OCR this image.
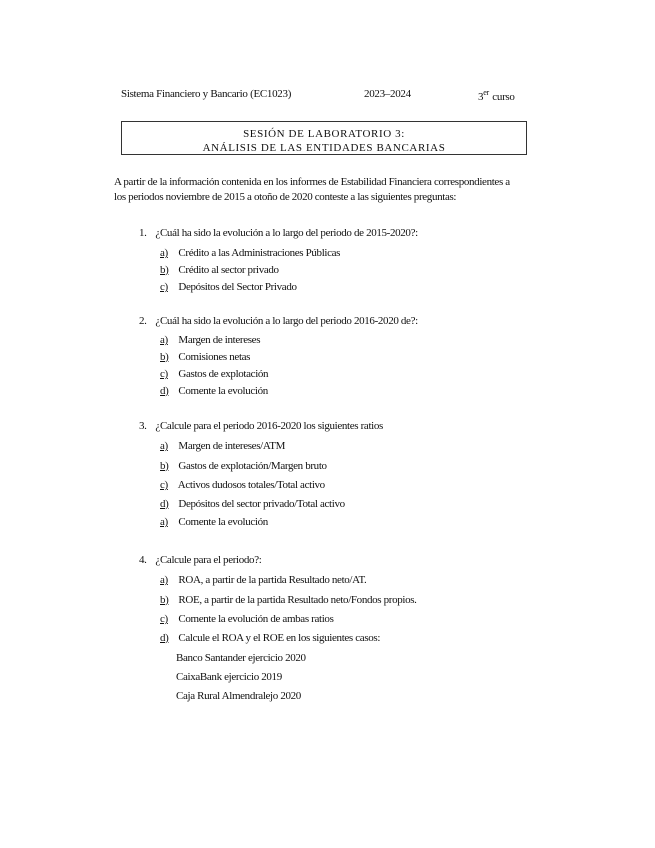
Sistema Financiero y Bancario (EC1023)	2023–2024	3er curso
SESIÓN DE LABORATORIO 3:
ANÁLISIS DE LAS ENTIDADES BANCARIAS
A partir de la información contenida en los informes de Estabilidad Financiera correspondientes a
los periodos noviembre de 2015 a otoño de 2020 conteste a las siguientes preguntas:
1. ¿Cuál ha sido la evolución a lo largo del periodo de 2015-2020?:
a) Crédito a las Administraciones Públicas
b) Crédito al sector privado
c) Depósitos del Sector Privado
2. ¿Cuál ha sido la evolución a lo largo del periodo 2016-2020 de?:
a) Margen de intereses
b) Comisiones netas
c) Gastos de explotación
d) Comente la evolución
3. ¿Calcule para el periodo 2016-2020 los siguientes ratios
a) Margen de intereses/ATM
b) Gastos de explotación/Margen bruto
c) Activos dudosos totales/Total activo
d) Depósitos del sector privado/Total activo
a) Comente la evolución
4. ¿Calcule para el periodo?:
a) ROA, a partir de la partida Resultado neto/AT.
b) ROE, a partir de la partida Resultado neto/Fondos propios.
c) Comente la evolución de ambas ratios
d) Calcule el ROA y el ROE en los siguientes casos:
Banco Santander ejercicio 2020
CaixaBank ejercicio 2019
Caja Rural Almendralejo 2020
